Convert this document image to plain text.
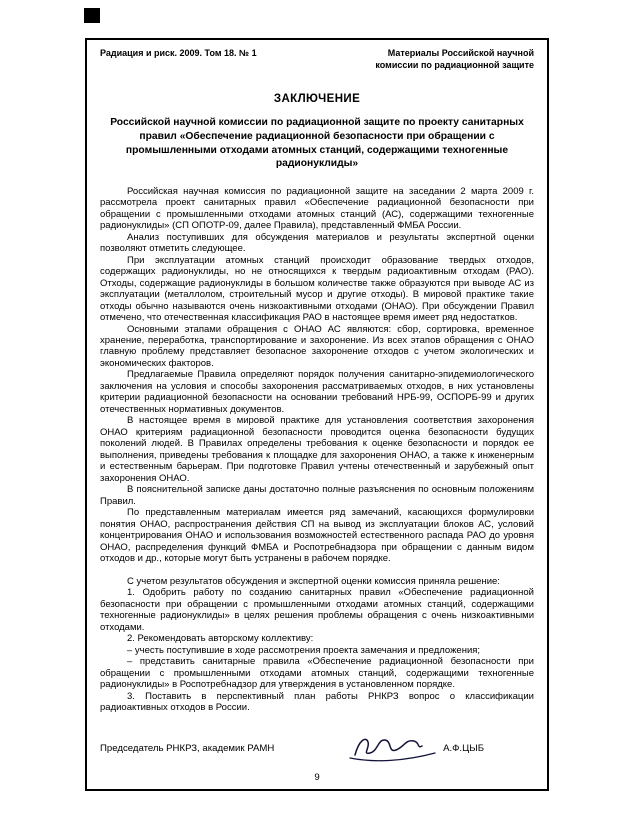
Радиация и риск. 2009. Том 18. № 1	Материалы Российской научной
комиссии по радиационной защите
ЗАКЛЮЧЕНИЕ
Российской научной комиссии по радиационной защите по проекту санитарных правил «Обеспечение радиационной безопасности при обращении с промышленными отходами атомных станций, содержащими техногенные радионуклиды»

Российская научная комиссия по радиационной защите на заседании 2 марта 2009 г. рассмотрела проект санитарных правил «Обеспечение радиационной безопасности при обращении с промышленными отходами атомных станций (АС), содержащими техногенные радионуклиды» (СП ОПОТР-09, далее Правила), представленный ФМБА России.

Анализ поступивших для обсуждения материалов и результаты экспертной оценки позволяют отметить следующее.

При эксплуатации атомных станций происходит образование твердых отходов, содержащих радионуклиды, но не относящихся к твердым радиоактивным отходам (РАО). Отходы, содержащие радионуклиды в большом количестве также образуются при выводе АС из эксплуатации (металлолом, строительный мусор и другие отходы). В мировой практике такие отходы обычно называются очень низкоактивными отходами (ОНАО). При обсуждении Правил отмечено, что отечественная классификация РАО в настоящее время имеет ряд недостатков.

Основными этапами обращения с ОНАО АС являются: сбор, сортировка, временное хранение, переработка, транспортирование и захоронение. Из всех этапов обращения с ОНАО главную проблему представляет безопасное захоронение отходов с учетом экологических и экономических факторов.

Предлагаемые Правила определяют порядок получения санитарно-эпидемиологического заключения на условия и способы захоронения рассматриваемых отходов, в них установлены критерии радиационной безопасности на основании требований НРБ-99, ОСПОРБ-99 и других отечественных нормативных документов.

В настоящее время в мировой практике для установления соответствия захоронения ОНАО критериям радиационной безопасности проводится оценка безопасности будущих поколений людей. В Правилах определены требования к оценке безопасности и порядок ее выполнения, приведены требования к площадке для захоронения ОНАО, а также к инженерным и естественным барьерам. При подготовке Правил учтены отечественный и зарубежный опыт захоронения ОНАО.

В пояснительной записке даны достаточно полные разъяснения по основным положениям Правил.

По представленным материалам имеется ряд замечаний, касающихся формулировки понятия ОНАО, распространения действия СП на вывод из эксплуатации блоков АС, условий концентрирования ОНАО и использования возможностей естественного распада РАО до уровня ОНАО, распределения функций ФМБА и Роспотребнадзора при обращении с данным видом отходов и др., которые могут быть устранены в рабочем порядке.

С учетом результатов обсуждения и экспертной оценки комиссия приняла решение:

1. Одобрить работу по созданию санитарных правил «Обеспечение радиационной безопасности при обращении с промышленными отходами атомных станций, содержащими техногенные радионуклиды» в целях решения проблемы обращения с очень низкоактивными отходами.

2. Рекомендовать авторскому коллективу:

– учесть поступившие в ходе рассмотрения проекта замечания и предложения;

– представить санитарные правила «Обеспечение радиационной безопасности при обращении с промышленными отходами атомных станций, содержащими техногенные радионуклиды» в Роспотребнадзор для утверждения в установленном порядке.

3. Поставить в перспективный план работы РНКРЗ вопрос о классификации радиоактивных отходов в России.

Председатель РНКРЗ, академик РАМН	А.Ф.ЦЫБ
9
